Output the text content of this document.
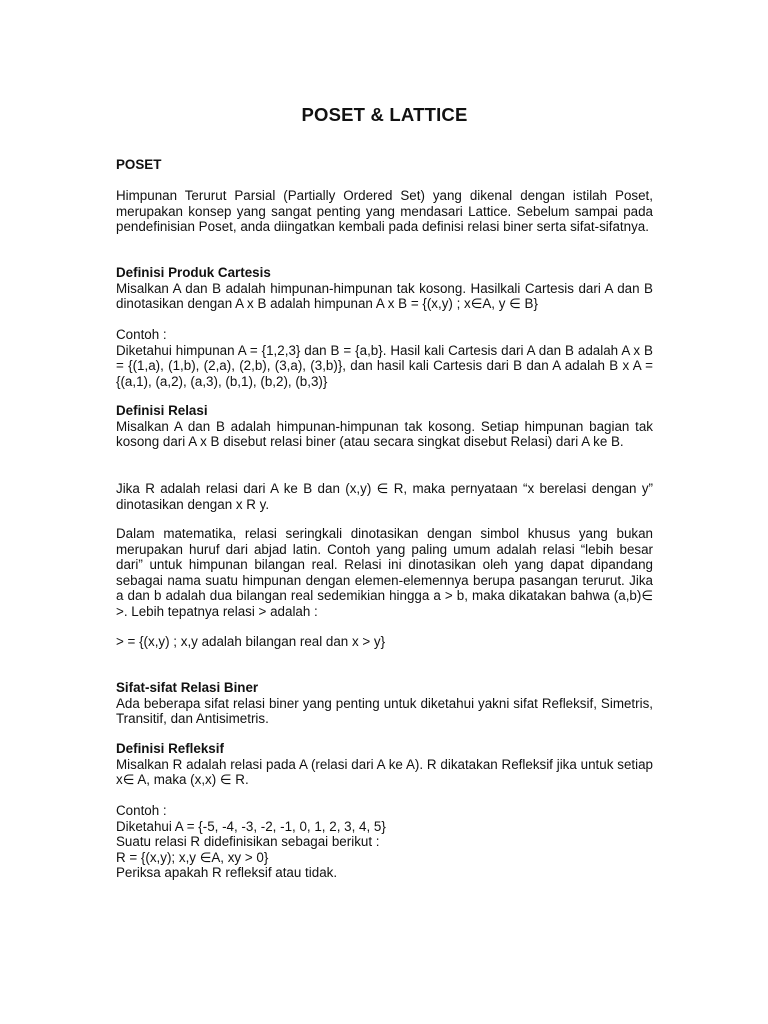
POSET & LATTICE
POSET

Himpunan Terurut Parsial (Partially Ordered Set) yang dikenal dengan istilah Poset, merupakan konsep yang sangat penting yang mendasari Lattice. Sebelum sampai pada pendefinisian Poset, anda diingatkan kembali pada definisi relasi biner serta sifat-sifatnya.

Definisi Produk Cartesis
Misalkan A dan B adalah himpunan-himpunan tak kosong. Hasilkali Cartesis dari A dan B dinotasikan dengan A x B adalah himpunan A x B = {(x,y) ; x∈A, y ∈ B}
Contoh :
Diketahui himpunan A = {1,2,3} dan B = {a,b}. Hasil kali Cartesis dari A dan B adalah A x B = {(1,a), (1,b), (2,a), (2,b), (3,a), (3,b)}, dan hasil kali Cartesis dari B dan A adalah B x A = {(a,1), (a,2), (a,3), (b,1), (b,2), (b,3)}
Definisi Relasi
Misalkan A dan B adalah himpunan-himpunan tak kosong. Setiap himpunan bagian tak kosong dari A x B disebut relasi biner (atau secara singkat disebut Relasi) dari A ke B.

Jika R adalah relasi dari A ke B dan (x,y) ∈ R, maka pernyataan “x berelasi dengan y” dinotasikan dengan x R y.

Dalam matematika, relasi seringkali dinotasikan dengan simbol khusus yang bukan merupakan huruf dari abjad latin. Contoh yang paling umum adalah relasi “lebih besar dari” untuk himpunan bilangan real. Relasi ini dinotasikan oleh yang dapat dipandang sebagai nama suatu himpunan dengan elemen-elemennya berupa pasangan terurut. Jika a dan b adalah dua bilangan real sedemikian hingga a > b, maka dikatakan bahwa (a,b)∈ >. Lebih tepatnya relasi > adalah :

> = {(x,y) ; x,y adalah bilangan real dan x > y}
Sifat-sifat Relasi Biner
Ada beberapa sifat relasi biner yang penting untuk diketahui yakni sifat Refleksif, Simetris, Transitif, dan Antisimetris.
Definisi Refleksif
Misalkan R adalah relasi pada A (relasi dari A ke A). R dikatakan Refleksif jika untuk setiap x∈ A, maka (x,x) ∈ R.
Contoh :
Diketahui A = {-5, -4, -3, -2, -1, 0, 1, 2, 3, 4, 5}
Suatu relasi R didefinisikan sebagai berikut :
R = {(x,y); x,y ∈A, xy > 0}
Periksa apakah R refleksif atau tidak.
